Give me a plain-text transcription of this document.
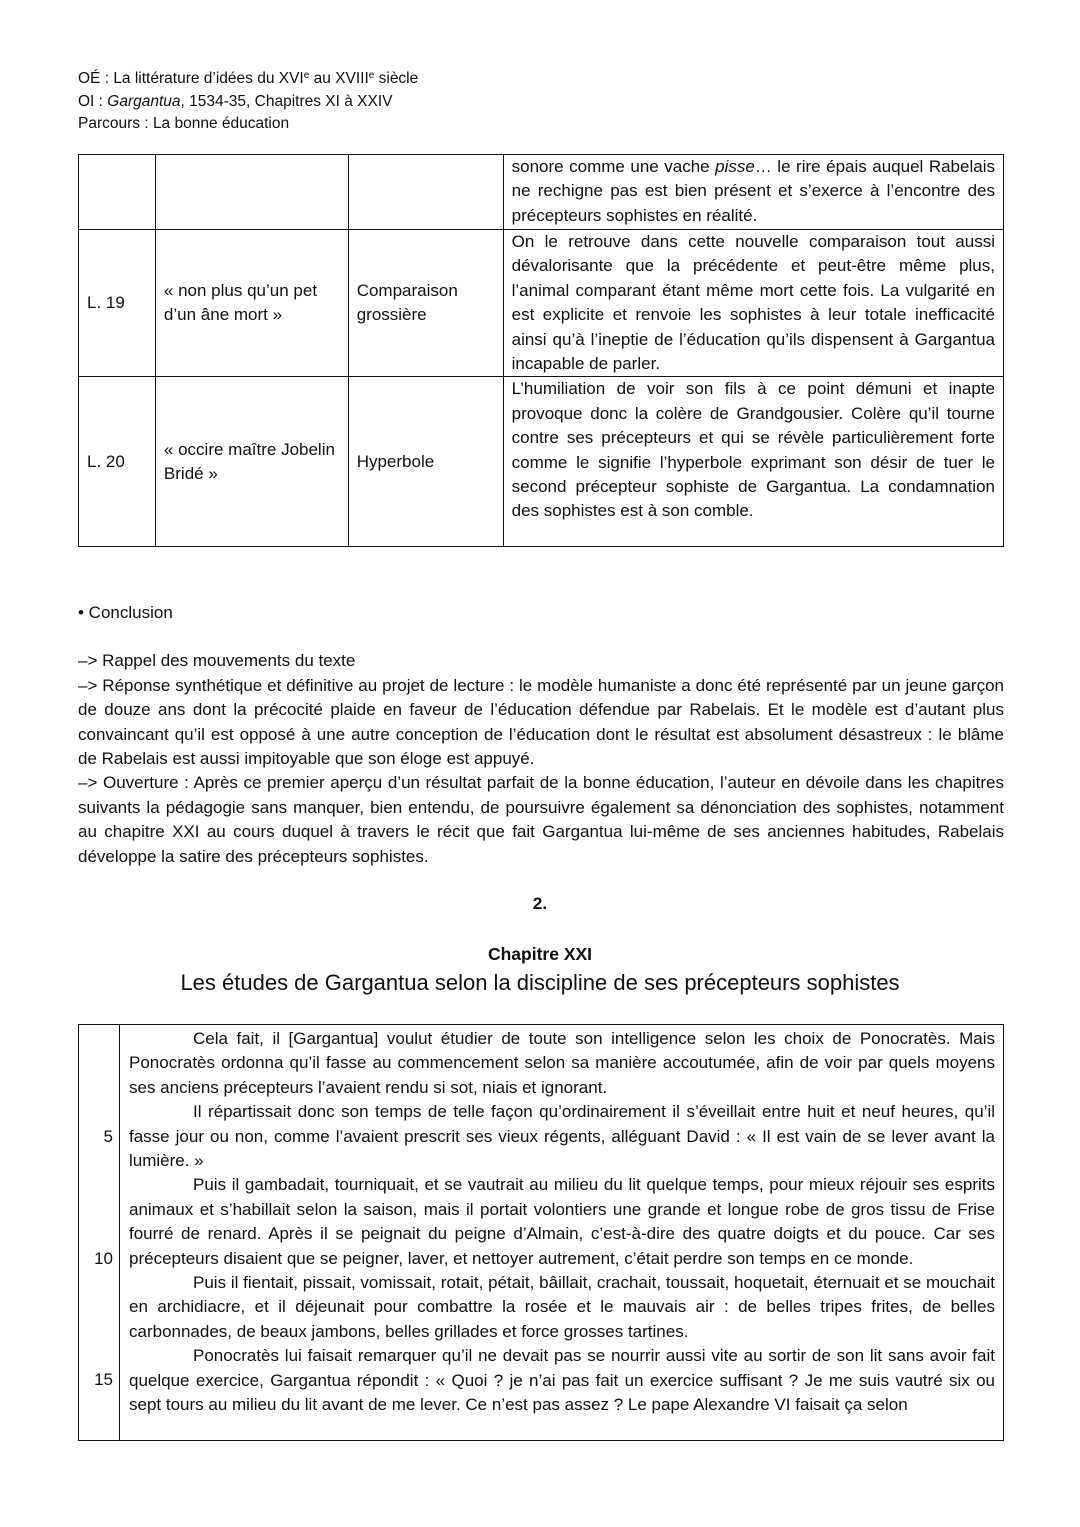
OÉ : La littérature d’idées du XVIe au XVIIIe siècle
OI : Gargantua, 1534-35, Chapitres XI à XXIV
Parcours : La bonne éducation
			sonore comme une vache pisse… le rire épais auquel Rabelais ne rechigne pas est bien présent et s’exerce à l’encontre des précepteurs sophistes en réalité.
L. 19	« non plus qu’un pet d’un âne mort »	Comparaison grossière	On le retrouve dans cette nouvelle comparaison tout aussi dévalorisante que la précédente et peut-être même plus, l’animal comparant étant même mort cette fois. La vulgarité en est explicite et renvoie les sophistes à leur totale inefficacité ainsi qu’à l’ineptie de l’éducation qu’ils dispensent à Gargantua incapable de parler.
L. 20	« occire maître Jobelin Bridé »	Hyperbole	L’humiliation de voir son fils à ce point démuni et inapte provoque donc la colère de Grandgousier. Colère qu’il tourne contre ses précepteurs et qui se révèle particulièrement forte comme le signifie l’hyperbole exprimant son désir de tuer le second précepteur sophiste de Gargantua. La condamnation des sophistes est à son comble.
• Conclusion
–> Rappel des mouvements du texte
–> Réponse synthétique et définitive au projet de lecture : le modèle humaniste a donc été représenté par un jeune garçon de douze ans dont la précocité plaide en faveur de l’éducation défendue par Rabelais. Et le modèle est d’autant plus convaincant qu’il est opposé à une autre conception de l’éducation dont le résultat est absolument désastreux : le blâme de Rabelais est aussi impitoyable que son éloge est appuyé.
–> Ouverture : Après ce premier aperçu d’un résultat parfait de la bonne éducation, l’auteur en dévoile dans les chapitres suivants la pédagogie sans manquer, bien entendu, de poursuivre également sa dénonciation des sophistes, notamment au chapitre XXI au cours duquel à travers le récit que fait Gargantua lui-même de ses anciennes habitudes, Rabelais développe la satire des précepteurs sophistes.
2.
Chapitre XXI
Les études de Gargantua selon la discipline de ses précepteurs sophistes
5
10
15

Cela fait, il [Gargantua] voulut étudier de toute son intelligence selon les choix de Ponocratès. Mais Ponocratès ordonna qu’il fasse au commencement selon sa manière accoutumée, afin de voir par quels moyens ses anciens précepteurs l’avaient rendu si sot, niais et ignorant.

Il répartissait donc son temps de telle façon qu’ordinairement il s’éveillait entre huit et neuf heures, qu’il fasse jour ou non, comme l’avaient prescrit ses vieux régents, alléguant David : « Il est vain de se lever avant la lumière. »

Puis il gambadait, tourniquait, et se vautrait au milieu du lit quelque temps, pour mieux réjouir ses esprits animaux et s’habillait selon la saison, mais il portait volontiers une grande et longue robe de gros tissu de Frise fourré de renard. Après il se peignait du peigne d’Almain, c’est-à-dire des quatre doigts et du pouce. Car ses précepteurs disaient que se peigner, laver, et nettoyer autrement, c’était perdre son temps en ce monde.

Puis il fientait, pissait, vomissait, rotait, pétait, bâillait, crachait, toussait, hoquetait, éternuait et se mouchait en archidiacre, et il déjeunait pour combattre la rosée et le mauvais air : de belles tripes frites, de belles carbonnades, de beaux jambons, belles grillades et force grosses tartines.

Ponocratès lui faisait remarquer qu’il ne devait pas se nourrir aussi vite au sortir de son lit sans avoir fait quelque exercice, Gargantua répondit : « Quoi ? je n’ai pas fait un exercice suffisant ? Je me suis vautré six ou sept tours au milieu du lit avant de me lever. Ce n’est pas assez ? Le pape Alexandre VI faisait ça selon
